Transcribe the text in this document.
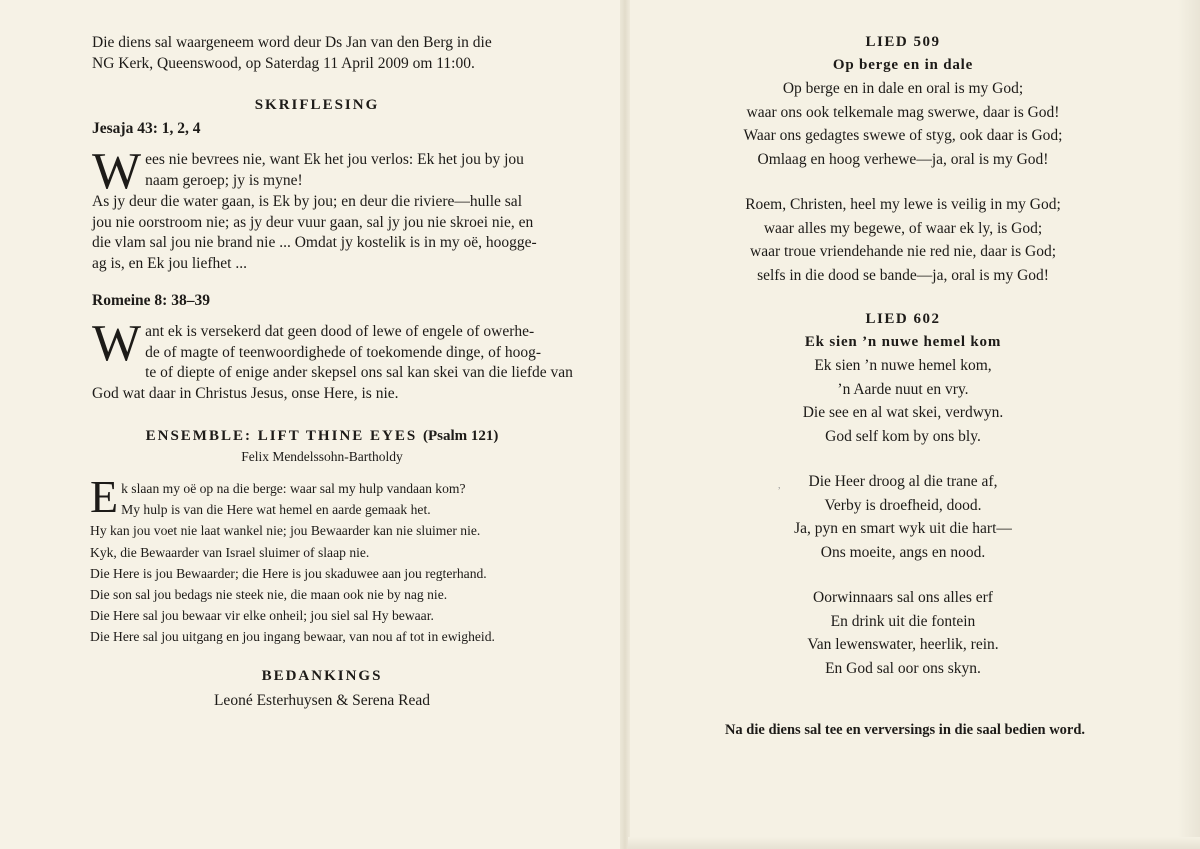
Die diens sal waargeneem word deur Ds Jan van den Berg in die
NG Kerk, Queenswood, op Saterdag 11 April 2009 om 11:00.
SKRIFLESING
Jesaja 43: 1, 2, 4
W ees nie bevrees nie, want Ek het jou verlos: Ek het jou by jou
naam geroep; jy is myne!
As jy deur die water gaan, is Ek by jou; en deur die riviere—hulle sal
jou nie oorstroom nie; as jy deur vuur gaan, sal jy jou nie skroei nie, en
die vlam sal jou nie brand nie ... Omdat jy kostelik is in my oë, hoogge-
ag is, en Ek jou liefhet ...
Romeine 8: 38–39
W ant ek is versekerd dat geen dood of lewe of engele of owerhe-
de of magte of teenwoordighede of toekomende dinge, of hoog-
te of diepte of enige ander skepsel ons sal kan skei van die liefde van
God wat daar in Christus Jesus, onse Here, is nie.
ENSEMBLE: LIFT THINE EYES (Psalm 121)
Felix Mendelssohn-Bartholdy
E k slaan my oë op na die berge: waar sal my hulp vandaan kom?
My hulp is van die Here wat hemel en aarde gemaak het.
Hy kan jou voet nie laat wankel nie; jou Bewaarder kan nie sluimer nie.
Kyk, die Bewaarder van Israel sluimer of slaap nie.
Die Here is jou Bewaarder; die Here is jou skaduwee aan jou regterhand.
Die son sal jou bedags nie steek nie, die maan ook nie by nag nie.
Die Here sal jou bewaar vir elke onheil; jou siel sal Hy bewaar.
Die Here sal jou uitgang en jou ingang bewaar, van nou af tot in ewigheid.
BEDANKINGS
Leoné Esterhuysen & Serena Read
LIED 509
Op berge en in dale
Op berge en in dale en oral is my God;
waar ons ook telkemale mag swerwe, daar is God!
Waar ons gedagtes swewe of styg, ook daar is God;
Omlaag en hoog verhewe—ja, oral is my God!
Roem, Christen, heel my lewe is veilig in my God;
waar alles my begewe, of waar ek ly, is God;
waar troue vriendehande nie red nie, daar is God;
selfs in die dood se bande—ja, oral is my God!
LIED 602
Ek sien ’n nuwe hemel kom
Ek sien ’n nuwe hemel kom,
’n Aarde nuut en vry.
Die see en al wat skei, verdwyn.
God self kom by ons bly.
Die Heer droog al die trane af,
Verby is droefheid, dood.
Ja, pyn en smart wyk uit die hart—
Ons moeite, angs en nood.
Oorwinnaars sal ons alles erf
En drink uit die fontein
Van lewenswater, heerlik, rein.
En God sal oor ons skyn.
,
Na die diens sal tee en verversings in die saal bedien word.
